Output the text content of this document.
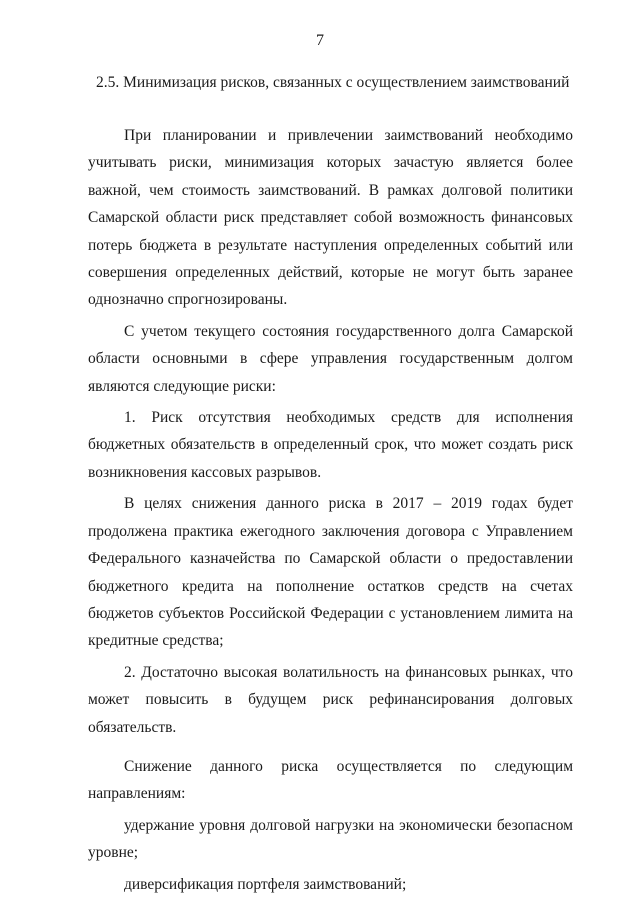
7
2.5. Минимизация рисков, связанных с осуществлением заимствований

При планировании и привлечении заимствований необходимо учитывать риски, минимизация которых зачастую является более важной, чем стоимость заимствований. В рамках долговой политики Самарской области риск представляет собой возможность финансовых потерь бюджета в результате наступления определенных событий или совершения определенных действий, которые не могут быть заранее однозначно спрогнозированы.

С учетом текущего состояния государственного долга Самарской области основными в сфере управления государственным долгом являются следующие риски:

1. Риск отсутствия необходимых средств для исполнения бюджетных обязательств в определенный срок, что может создать риск возникновения кассовых разрывов.

В целях снижения данного риска в 2017 – 2019 годах будет продолжена практика ежегодного заключения договора с Управлением Федерального казначейства по Самарской области о предоставлении бюджетного кредита на пополнение остатков средств на счетах бюджетов субъектов Российской Федерации с установлением лимита на кредитные средства;

2. Достаточно высокая волатильность на финансовых рынках, что может повысить в будущем риск рефинансирования долговых обязательств.

Снижение данного риска осуществляется по следующим направлениям:

удержание уровня долговой нагрузки на экономически безопасном уровне;

диверсификация портфеля заимствований;
